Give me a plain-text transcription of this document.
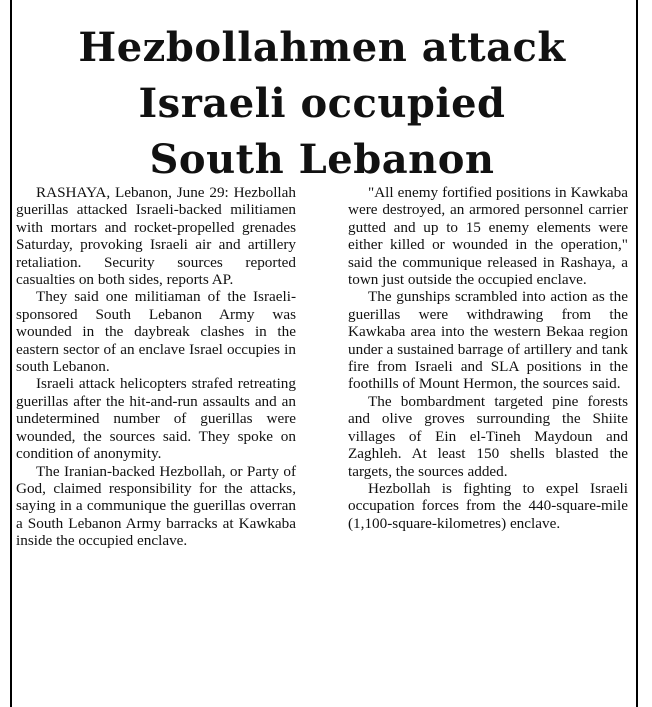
Hezbollahmen attack
Israeli occupied
South Lebanon

RASHAYA, Lebanon, June 29: Hezbollah guerillas attacked Israeli-backed militiamen with mortars and rocket-propelled grenades Saturday, provoking Israeli air and artillery retaliation. Security sources reported casualties on both sides, reports AP.

They said one militiaman of the Israeli-sponsored South Lebanon Army was wounded in the daybreak clashes in the eastern sector of an enclave Israel occupies in south Lebanon.

Israeli attack helicopters strafed retreating guerillas after the hit-and-run assaults and an undetermined number of guerillas were wounded, the sources said. They spoke on condition of anonymity.

The Iranian-backed Hezbollah, or Party of God, claimed responsibility for the attacks, saying in a communique the guerillas overran a South Lebanon Army barracks at Kawkaba inside the occupied enclave.

"All enemy fortified positions in Kawkaba were destroyed, an armored personnel carrier gutted and up to 15 enemy elements were either killed or wounded in the operation," said the communique released in Rashaya, a town just outside the occupied enclave.

The gunships scrambled into action as the guerillas were withdrawing from the Kawkaba area into the western Bekaa region under a sustained barrage of artillery and tank fire from Israeli and SLA positions in the foothills of Mount Hermon, the sources said.

The bombardment targeted pine forests and olive groves surrounding the Shiite villages of Ein el-Tineh Maydoun and Zaghleh. At least 150 shells blasted the targets, the sources added.

Hezbollah is fighting to expel Israeli occupation forces from the 440-square-mile (1,100-square-kilometres) enclave.
